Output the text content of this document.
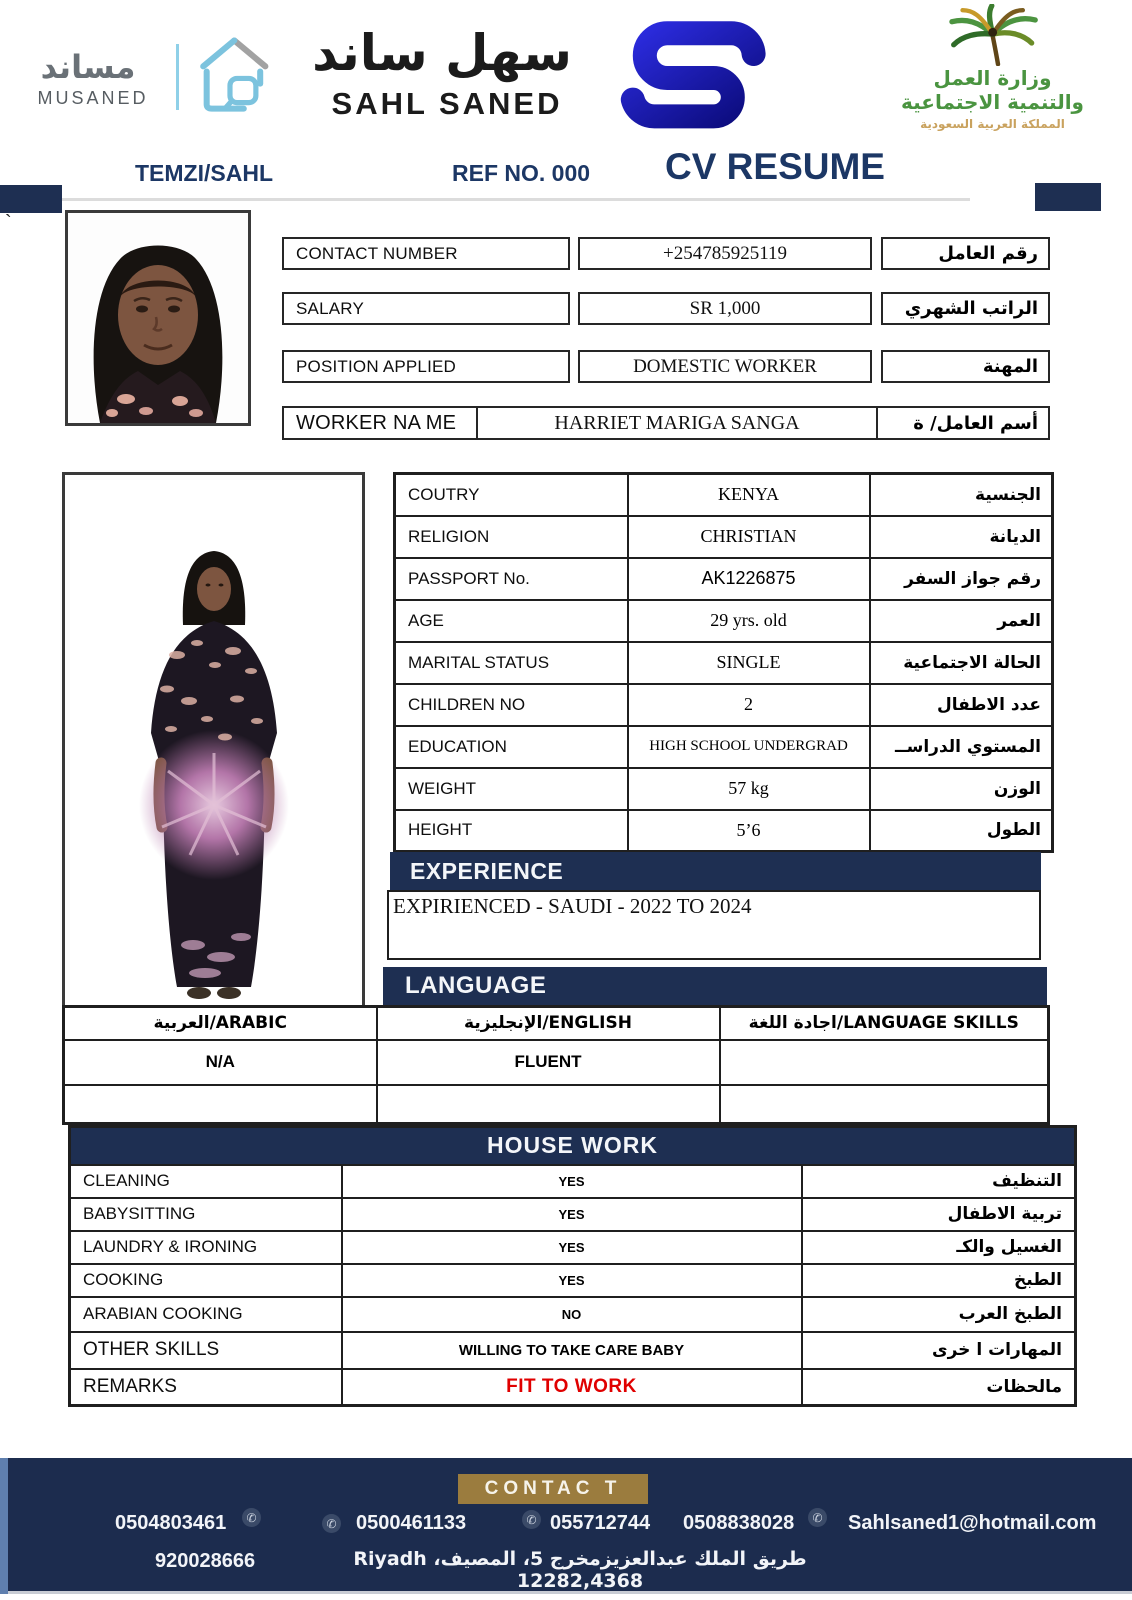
مساند
MUSANED
سهل ساند
SAHL SANED
وزارة العمل
والتنمية الاجتماعية
المملكة العربية السعودية
TEMZI/SAHL	REF NO. 000 CV RESUME
`
CONTACT NUMBER	+254785925119	رقم العامل
SALARY	SR 1,000	الراتب الشهري
POSITION APPLIED	DOMESTIC WORKER	المهنة
WORKER NA ME	HARRIET MARIGA SANGA	أسم العامل/ ة
COUTRY	KENYA	الجنسية
RELIGION	CHRISTIAN	الديانة
PASSPORT No.	AK1226875	رقم جواز السفر
AGE	29 yrs. old	العمر
MARITAL STATUS	SINGLE	الحالة الاجتماعية
CHILDREN NO	2	عدد الاطفال
EDUCATION	HIGH SCHOOL UNDERGRAD	المستوي الدراســ
WEIGHT	57 kg	الوزن
HEIGHT	5’6	الطول
EXPERIENCE
EXPIRIENCED - SAUDI - 2022 TO 2024
LANGUAGE
العربية/ARABIC	الإنجليزية/ENGLISH	اجادة اللغة/LANGUAGE SKILLS
N/A	FLUENT	

HOUSE WORK		
CLEANING	YES	التنظيف
BABYSITTING	YES	تربية الاطفال
LAUNDRY & IRONING	YES	الغسيل والكـ
COOKING	YES	الطبخ
ARABIAN COOKING	NO	الطبخ العرب
OTHER SKILLS	WILLING TO TAKE CARE BABY	المهارات ا خرى
REMARKS	FIT TO WORK	مالحظات
CONTAC T
0504803461	✆	✆ 0500461133	✆ 055712744 0508838028	✆ Sahlsaned1@hotmail.com
920028666	طريق الملك عبدالعزيزمخرج 5، المصيف، Riyadh 12282,4368
